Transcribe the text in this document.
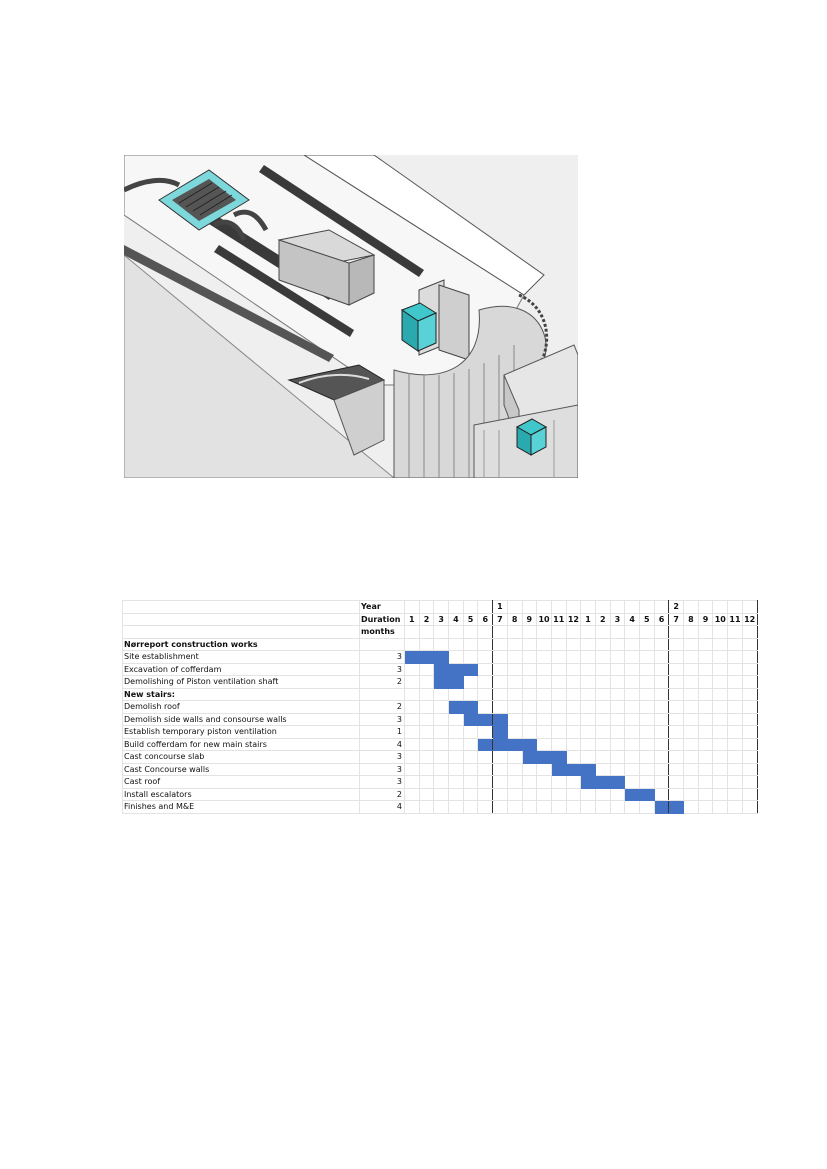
	Year							1												2					
	Duration	1	2	3	4	5	6	7	8	9	10	11	12	1	2	3	4	5	6	7	8	9	10	11	12
	months																								
Nørreport construction works																									
Site establishment	3																								
Excavation of cofferdam	3																								
Demolishing of Piston ventilation shaft	2																								
New stairs:																									
Demolish roof	2																								
Demolish side walls and consourse walls	3																								
Establish temporary piston ventilation	1																								
Build cofferdam for new main stairs	4																								
Cast concourse slab	3																								
Cast Concourse walls	3																								
Cast roof	3																								
Install escalators	2																								
Finishes and M&E	4																								
